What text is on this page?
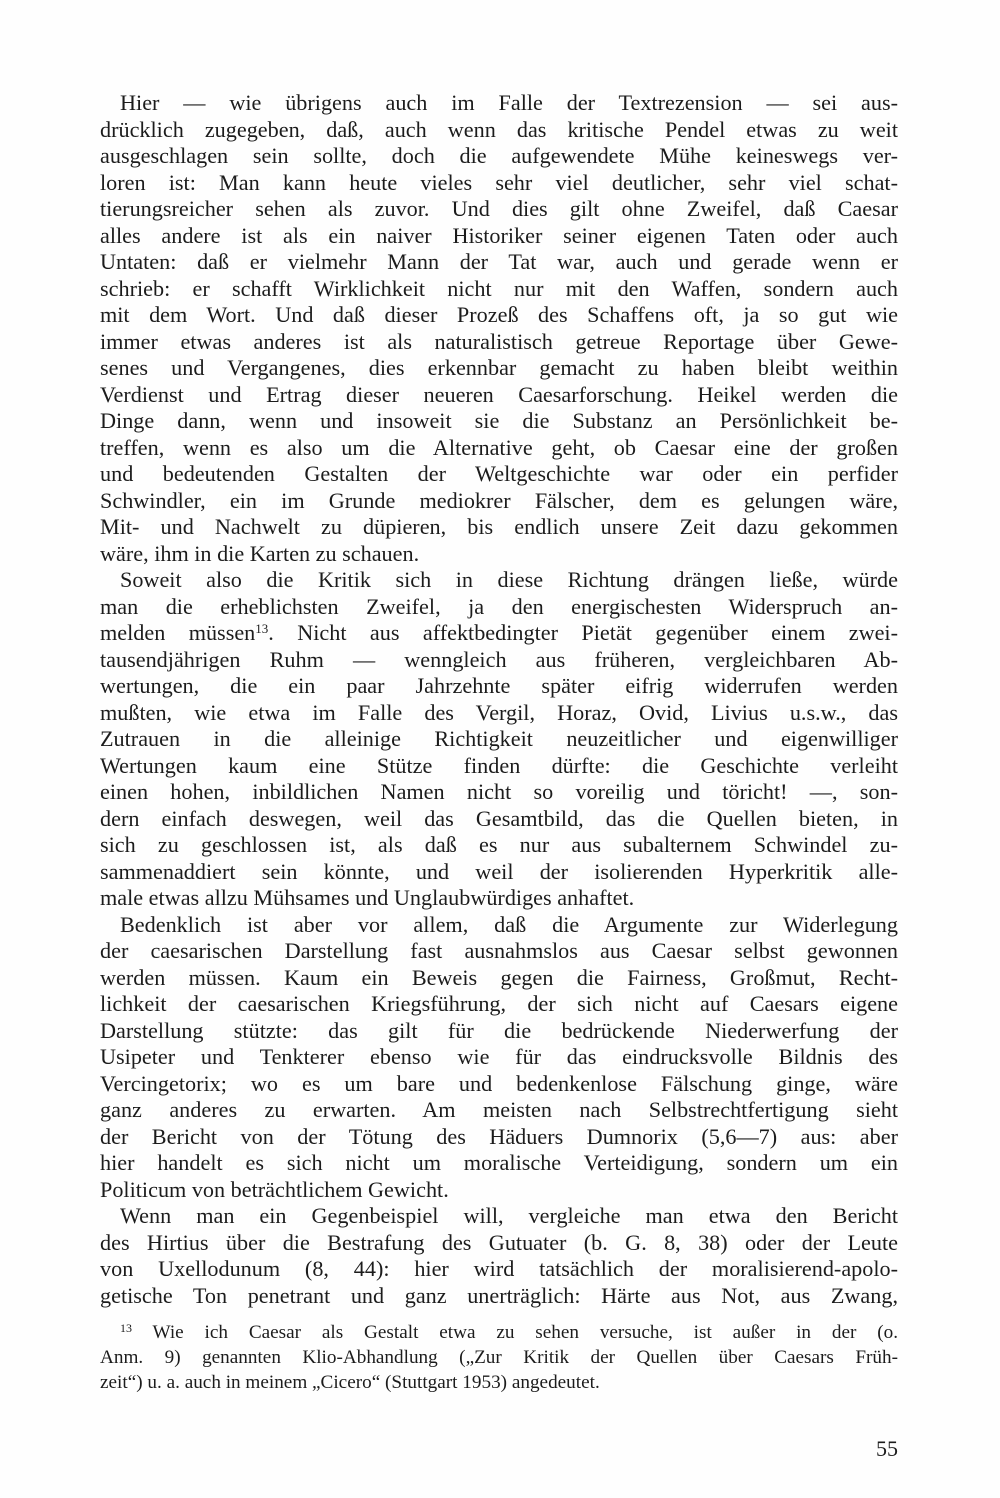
Hier — wie übrigens auch im Falle der Textrezension — sei aus-
drücklich zugegeben, daß, auch wenn das kritische Pendel etwas zu weit
ausgeschlagen sein sollte, doch die aufgewendete Mühe keineswegs ver-
loren ist: Man kann heute vieles sehr viel deutlicher, sehr viel schat-
tierungsreicher sehen als zuvor. Und dies gilt ohne Zweifel, daß Caesar
alles andere ist als ein naiver Historiker seiner eigenen Taten oder auch
Untaten: daß er vielmehr Mann der Tat war, auch und gerade wenn er
schrieb: er schafft Wirklichkeit nicht nur mit den Waffen, sondern auch
mit dem Wort. Und daß dieser Prozeß des Schaffens oft, ja so gut wie
immer etwas anderes ist als naturalistisch getreue Reportage über Gewe-
senes und Vergangenes, dies erkennbar gemacht zu haben bleibt weithin
Verdienst und Ertrag dieser neueren Caesarforschung. Heikel werden die
Dinge dann, wenn und insoweit sie die Substanz an Persönlichkeit be-
treffen, wenn es also um die Alternative geht, ob Caesar eine der großen
und bedeutenden Gestalten der Weltgeschichte war oder ein perfider
Schwindler, ein im Grunde mediokrer Fälscher, dem es gelungen wäre,
Mit- und Nachwelt zu düpieren, bis endlich unsere Zeit dazu gekommen
wäre, ihm in die Karten zu schauen.
Soweit also die Kritik sich in diese Richtung drängen ließe, würde
man die erheblichsten Zweifel, ja den energischesten Widerspruch an-
melden müssen$^{13}$. Nicht aus affektbedingter Pietät gegenüber einem zwei-
tausendjährigen Ruhm — wenngleich aus früheren, vergleichbaren Ab-
wertungen, die ein paar Jahrzehnte später eifrig widerrufen werden
mußten, wie etwa im Falle des Vergil, Horaz, Ovid, Livius u.s.w., das
Zutrauen in die alleinige Richtigkeit neuzeitlicher und eigenwilliger
Wertungen kaum eine Stütze finden dürfte: die Geschichte verleiht
einen hohen, inbildlichen Namen nicht so voreilig und töricht! —, son-
dern einfach deswegen, weil das Gesamtbild, das die Quellen bieten, in
sich zu geschlossen ist, als daß es nur aus subalternem Schwindel zu-
sammenaddiert sein könnte, und weil der isolierenden Hyperkritik alle-
male etwas allzu Mühsames und Unglaubwürdiges anhaftet.
Bedenklich ist aber vor allem, daß die Argumente zur Widerlegung
der caesarischen Darstellung fast ausnahmslos aus Caesar selbst gewonnen
werden müssen. Kaum ein Beweis gegen die Fairness, Großmut, Recht-
lichkeit der caesarischen Kriegsführung, der sich nicht auf Caesars eigene
Darstellung stützte: das gilt für die bedrückende Niederwerfung der
Usipeter und Tenkterer ebenso wie für das eindrucksvolle Bildnis des
Vercingetorix; wo es um bare und bedenkenlose Fälschung ginge, wäre
ganz anderes zu erwarten. Am meisten nach Selbstrechtfertigung sieht
der Bericht von der Tötung des Häduers Dumnorix (5,6—7) aus: aber
hier handelt es sich nicht um moralische Verteidigung, sondern um ein
Politicum von beträchtlichem Gewicht.
Wenn man ein Gegenbeispiel will, vergleiche man etwa den Bericht
des Hirtius über die Bestrafung des Gutuater (b. G. 8, 38) oder der Leute
von Uxellodunum (8, 44): hier wird tatsächlich der moralisierend-apolo-
getische Ton penetrant und ganz unerträglich: Härte aus Not, aus Zwang,
$^{13}$ Wie ich Caesar als Gestalt etwa zu sehen versuche, ist außer in der (o.
Anm. 9) genannten Klio-Abhandlung („Zur Kritik der Quellen über Caesars Früh-
zeit“) u. a. auch in meinem „Cicero“ (Stuttgart 1953) angedeutet.
55
